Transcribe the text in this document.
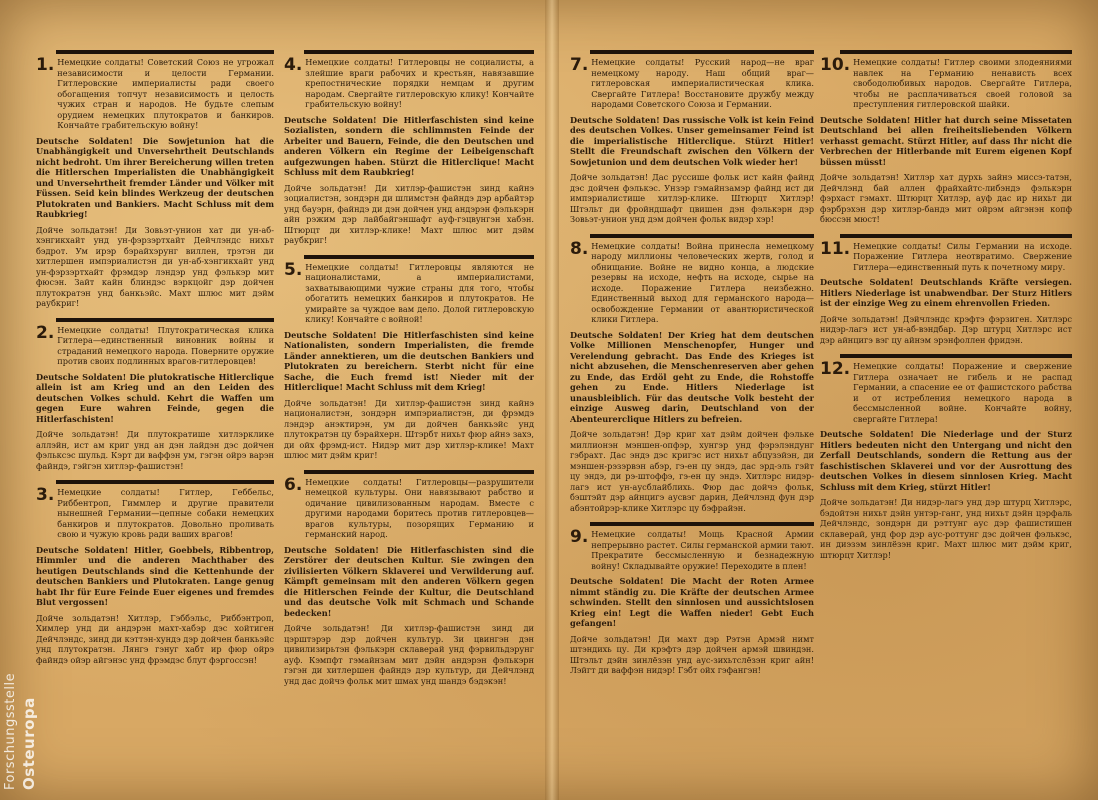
1. Немецкие солдаты! Советский Союз не угрожал независимости и целости Германии. Гитлеровские империалисты ради своего обогащения топчут независимость и целость чужих стран и народов. Не будьте слепым орудием немецких плутократов и банкиров. Кончайте грабительскую войну!

Deutsche Soldaten! Die Sowjetunion hat die Unabhängigkeit und Unversehrtheit Deutschlands nicht bedroht. Um ihrer Bereicherung willen treten die Hitlerschen Imperialisten die Unabhängigkeit und Unversehrtheit fremder Länder und Völker mit Füssen. Seid kein blindes Werkzeug der deutschen Plutokraten und Bankiers. Macht Schluss mit dem Raubkrieg!

Дойче зольдатэн! Ди Зовьэт-унион хат ди ун-аб-хэнгикхайт унд ун-фэрзэртхайт Дейчлэндс нихьт бэдрот. Ум ирэр бэрайхэрунг виллен, трэтэн ди хитлершен импэриалистэн ди ун-аб-хэнгикхайт унд ун-фэрзэртхайт фрэмдэр лэндэр унд фэлькэр мит фюсэн. Зайт кайн блиндэс вэркцойг дэр дойчен плутократэн унд банкьэйс. Махт шлюс мит дэйм раубкриг!

2. Немецкие солдаты! Плутократическая клика Гитлера—единственный виновник войны и страданий немецкого народа. Поверните оружие против своих подлинных врагов-гитлеровцев!

Deutsche Soldaten! Die plutokratische Hitlerclique allein ist am Krieg und an den Leiden des deutschen Volkes schuld. Kehrt die Waffen um gegen Eure wahren Feinde, gegen die Hitlerfaschisten!

Дойче зольдатэн! Ди плутократише хитлэрклике аллэйн, ист ам криг унд ан дэн лайдэн дэс дойчен фэльксэс шульд. Кэрт ди ваффэн ум, гэгэн ойрэ варэн файндэ, гэйгэн хитлэр-фашистэн!

3. Немецкие солдаты! Гитлер, Геббельс, Риббентроп, Гиммлер и другие правители нынешней Германии—цепные собаки немецких банкиров и плутократов. Довольно проливать свою и чужую кровь ради ваших врагов!

Deutsche Soldaten! Hitler, Goebbels, Ribbentrop, Himmler und die anderen Machthaber des heutigen Deutschlands sind die Kettenhunde der deutschen Bankiers und Plutokraten. Lange genug habt Ihr für Eure Feinde Euer eigenes und fremdes Blut vergossen!

Дойче зольдатэн! Хитлэр, Гэббэльс, Риббэнтроп, Химлер унд ди андэрэн махт-хабэр дэс хойтиген Дейчлэндс, зинд ди кэттэн-хундэ дэр дойчен банкьэйс унд плутократэн. Лянгэ гэнуг хабт ир фюр ойрэ файндэ ойэр айгэнэс унд фрэмдэс блут фэргоссэн!

4. Немецкие солдаты! Гитлеровцы не социалисты, а злейшие враги рабочих и крестьян, навязавшие крепостнические порядки немцам и другим народам. Свергайте гитлеровскую клику! Кончайте грабительскую войну!

Deutsche Soldaten! Die Hitlerfaschisten sind keine Sozialisten, sondern die schlimmsten Feinde der Arbeiter und Bauern, Feinde, die den Deutschen und anderen Völkern ein Regime der Leibeigenschaft aufgezwungen haben. Stürzt die Hitlerclique! Macht Schluss mit dem Raubkrieg!

Дойче зольдатэн! Ди хитлэр-фашистэн зинд кайнэ зоциалистэн, зондэрн ди шлимстэн файндэ дэр арбайтэр унд бауэрн, файндэ ди дэн дойчен унд андэрэн фэлькэрн айн рэжим дэр лайбайгэншафт ауф-гэцвунгэн хабэн. Штюрцт ди хитлэр-клике! Махт шлюс мит дэйм раубкриг!

5. Немецкие солдаты! Гитлеровцы являются не националистами, а империалистами, захватывающими чужие страны для того, чтобы обогатить немецких банкиров и плутократов. Не умирайте за чуждое вам дело. Долой гитлеровскую клику! Кончайте с войной!

Deutsche Soldaten! Die Hitlerfaschisten sind keine Nationalisten, sondern Imperialisten, die fremde Länder annektieren, um die deutschen Bankiers und Plutokraten zu bereichern. Sterbt nicht für eine Sache, die Euch fremd ist! Nieder mit der Hitlerclique! Macht Schluss mit dem Krieg!

Дойче зольдатэн! Ди хитлэр-фашистэн зинд кайнэ националистэн, зондэрн импэриалистэн, ди фрэмдэ лэндэр анэктирэн, ум ди дойчен банкьэйс унд плутократэн цу бэрайхерн. Штэрбт нихьт фюр айнэ захэ, ди ойх фрэмд-ист. Нидэр мит дэр хитлэр-клике! Махт шлюс мит дэйм криг!

6. Немецкие солдаты! Гитлеровцы—разрушители немецкой культуры. Они навязывают рабство и одичание цивилизованным народам. Вместе с другими народами боритесь против гитлеровцев—врагов культуры, позорящих Германию и германский народ.

Deutsche Soldaten! Die Hitlerfaschisten sind die Zerstörer der deutschen Kultur. Sie zwingen den zivilisierten Völkern Sklaverei und Verwilderung auf. Kämpft gemeinsam mit den anderen Völkern gegen die Hitlerschen Feinde der Kultur, die Deutschland und das deutsche Volk mit Schmach und Schande bedecken!

Дойче зольдатэн! Ди хитлэр-фашистэн зинд ди цэрштэрэр дэр дойчен культур. Зи цвингэн дэн цивилизирьтэн фэлькэрн склаверай унд фэрвильдэрунг ауф. Кэмпфт гэмайнзам мит дэйн андэрэн фэлькэрн гэгэн ди хитлершен файндэ дэр культур, ди Дейчлэнд унд дас дойчэ фольк мит шмах унд шандэ бэдэкэн!

7. Немецкие солдаты! Русский народ—не враг немецкому народу. Наш общий враг—гитлеровская империалистическая клика. Свергайте Гитлера! Восстановите дружбу между народами Советского Союза и Германии.

Deutsche Soldaten! Das russische Volk ist kein Feind des deutschen Volkes. Unser gemeinsamer Feind ist die imperialistische Hitlerclique. Stürzt Hitler! Stellt die Freundschaft zwischen den Völkern der Sowjetunion und dem deutschen Volk wieder her!

Дойче зольдатэн! Дас руссише фольк ист кайн файнд дэс дойчен фэлькэс. Унзэр гэмайнзамэр файнд ист ди импэриалистише хитлэр-клике. Штюрцт Хитлэр! Штэльт ди фройндшафт цвишен дэн фэлькэрн дэр Зовьэт-унион унд дэм дойчен фольк видэр хэр!

8. Немецкие солдаты! Война принесла немецкому народу миллионы человеческих жертв, голод и обнищание. Войне не видно конца, а людские резервы на исходе, нефть на исходе, сырье на исходе. Поражение Гитлера неизбежно. Единственный выход для германского народа—освобождение Германии от авантюристической клики Гитлера.

Deutsche Soldaten! Der Krieg hat dem deutschen Volke Millionen Menschenopfer, Hunger und Verelendung gebracht. Das Ende des Krieges ist nicht abzusehen, die Menschenreserven aber gehen zu Ende, das Erdöl geht zu Ende, die Rohstoffe gehen zu Ende. Hitlers Niederlage ist unausbleiblich. Für das deutsche Volk besteht der einzige Ausweg darin, Deutschland von der Abenteurerclique Hitlers zu befreien.

Дойче зольдатэн! Дэр криг хат дэйм дойчен фэльке миллионэн мэншен-опфэр, хунгэр унд фэрэлэндунг гэбрахт. Дас эндэ дэс кригэс ист нихьт абцузэйэн, ди мэншен-рэзэрвэн абэр, гэ-ен цу эндэ, дас эрд-эль гэйт цу эндэ, ди рэ-штоффэ, гэ-ен цу эндэ. Хитлэрс нидэр-лагэ ист ун-аусблайблихь. Фюр дас дойчэ фольк, бэштэйт дэр айнцигэ аусвэг дарин, Дейчлэнд фун дэр абэнтойрэр-клике Хитлэрс цу бэфрайэн.

9. Немецкие солдаты! Мощь Красной Армии непрерывно растет. Силы германской армии тают. Прекратите бессмысленную и безнадежную войну! Складывайте оружие! Переходите в плен!

Deutsche Soldaten! Die Macht der Roten Armee nimmt ständig zu. Die Kräfte der deutschen Armee schwinden. Stellt den sinnlosen und aussichtslosen Krieg ein! Legt die Waffen nieder! Gebt Euch gefangen!

Дойче зольдатэн! Ди махт дэр Рэтэн Армэй нимт штэндихь цу. Ди крэфтэ дэр дойчен армэй швиндэн. Штэльт дэйн зинлёзэн унд аус-зихьтслёзэн криг айн! Лэйгт ди ваффэн нидэр! Гэбт ойх гэфангэн!

10. Немецкие солдаты! Гитлер своими злодеяниями навлек на Германию ненависть всех свободолюбивых народов. Свергайте Гитлера, чтобы не расплачиваться своей головой за преступления гитлеровской шайки.

Deutsche Soldaten! Hitler hat durch seine Missetaten Deutschland bei allen freiheitsliebenden Völkern verhasst gemacht. Stürzt Hitler, auf dass Ihr nicht die Verbrechen der Hitlerbande mit Eurem eigenen Kopf büssen müsst!

Дойче зольдатэн! Хитлэр хат дурхь зайнэ миссэ-татэн, Дейчлэнд бай аллен фрайхайтс-либэндэ фэлькэрн фэрхаст гэмахт. Штюрцт Хитлэр, ауф дас ир нихьт ди фэрбрэхэн дэр хитлэр-бандэ мит ойрэм айгэнэн копф бюссэн мюст!

11. Немецкие солдаты! Силы Германии на исходе. Поражение Гитлера неотвратимо. Свержение Гитлера—единственный путь к почетному миру.

Deutsche Soldaten! Deutschlands Kräfte versiegen. Hitlers Niederlage ist unabwendbar. Der Sturz Hitlers ist der einzige Weg zu einem ehrenvollen Frieden.

Дойче зольдатэн! Дэйчлэндс крэфтэ фэрзиген. Хитлэрс нидэр-лагэ ист ун-аб-вэндбар. Дэр штурц Хитлэрс ист дэр айнцигэ вэг цу айнэм эрэнфоллен фридэн.

12. Немецкие солдаты! Поражение и свержение Гитлера означает не гибель и не распад Германии, а спасение ее от фашистского рабства и от истребления немецкого народа в бессмысленной войне. Кончайте войну, свергайте Гитлера!

Deutsche Soldaten! Die Niederlage und der Sturz Hitlers bedeuten nicht den Untergang und nicht den Zerfall Deutschlands, sondern die Rettung aus der faschistischen Sklaverei und vor der Ausrottung des deutschen Volkes in diesem sinnlosen Krieg. Macht Schluss mit dem Krieg, stürzt Hitler!

Дойче зольдатэн! Ди нидэр-лагэ унд дэр штурц Хитлэрс, бэдойтэн нихьт дэйн унтэр-ганг, унд нихьт дэйн цэрфаль Дейчлэндс, зондэрн ди рэттунг аус дэр фашистишен склаверай, унд фор дэр аус-роттунг дэс дойчен фэлькэс, ин диэзэм зинлёзэн криг. Махт шлюс мит дэйм криг, штюрцт Хитлэр!

Forschungsstelle Osteuropa
